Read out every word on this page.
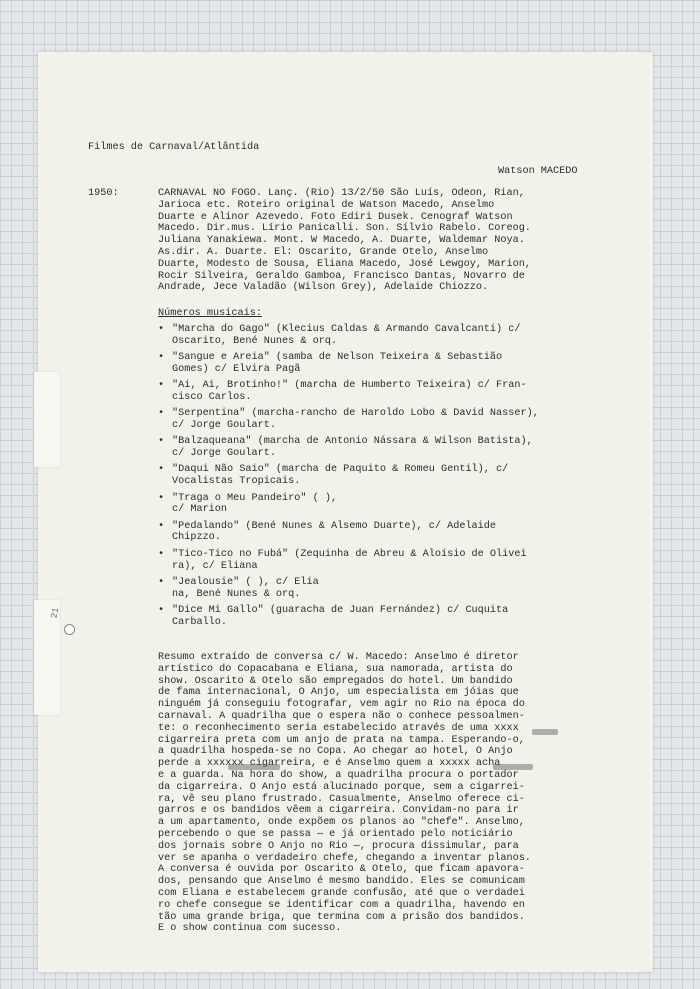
21
Filmes de Carnaval/Atlântida
Watson MACEDO
1950:	CARNAVAL NO FOGO. Lanç. (Rio) 13/2/50 São Luís, Odeon, Rian,
Jarioca etc. Roteiro original de Watson Macedo, Anselmo
Duarte e Alinor Azevedo. Foto Ediri Dusek. Cenograf Watson
Macedo. Dir.mus. Lírio Panicalli. Son. Sílvio Rabelo. Coreog.
Juliana Yanakiewa. Mont. W Macedo, A. Duarte, Waldemar Noya.
As.dir. A. Duarte. El: Oscarito, Grande Otelo, Anselmo
Duarte, Modesto de Sousa, Eliana Macedo, José Lewgoy, Marion,
Rocir Silveira, Geraldo Gamboa, Francisco Dantas, Novarro de
Andrade, Jece Valadão (Wilson Grey), Adelaide Chiozzo.
Números musicais:
• "Marcha do Gago" (Klecius Caldas & Armando Cavalcanti) c/
Oscarito, Bené Nunes & orq.
• "Sangue e Areia" (samba de Nelson Teixeira & Sebastião
Gomes) c/ Elvira Pagã
• "Ai, Ai, Brotinho!" (marcha de Humberto Teixeira) c/ Fran-
cisco Carlos.
• "Serpentina" (marcha-rancho de Haroldo Lobo & David Nasser),
c/ Jorge Goulart.
• "Balzaqueana" (marcha de Antonio Nássara & Wilson Batista),
c/ Jorge Goulart.
• "Daqui Não Saio" (marcha de Paquito & Romeu Gentil), c/
Vocalistas Tropicais.
• "Traga o Meu Pandeiro" ( ),
c/ Marion
• "Pedalando" (Bené Nunes & Alsemo Duarte), c/ Adelaide
Chipzzo.
• "Tico-Tico no Fubá" (Zequinha de Abreu & Aloísio de Olivei
ra), c/ Eliana
• "Jealousie" ( ), c/ Elia
na, Bené Nunes & orq.
• "Dice Mi Gallo" (guaracha de Juan Fernández) c/ Cuquita
Carballo.
Resumo extraído de conversa c/ W. Macedo: Anselmo é diretor
artístico do Copacabana e Eliana, sua namorada, artista do
show. Oscarito & Otelo são empregados do hotel. Um bandido
de fama internacional, O Anjo, um especialista em jóias que
ninguém já conseguiu fotografar, vem agir no Rio na época do
carnaval. A quadrilha que o espera não o conhece pessoalmen-
te: o reconhecimento seria estabelecido através de uma xxxx
cigarreira preta com um anjo de prata na tampa. Esperando-o,
a quadrilha hospeda-se no Copa. Ao chegar ao hotel, O Anjo
perde a xxxxxx cigarreira, e é Anselmo quem a xxxxx acha
e a guarda. Na hora do show, a quadrilha procura o portador
da cigarreira. O Anjo está alucinado porque, sem a cigarrei-
ra, vê seu plano frustrado. Casualmente, Anselmo oferece ci-
garros e os bandidos vêem a cigarreira. Convidam-no para ir
a um apartamento, onde expõem os planos ao "chefe". Anselmo,
percebendo o que se passa — e já orientado pelo noticiário
dos jornais sobre O Anjo no Rio —, procura dissimular, para
ver se apanha o verdadeiro chefe, chegando a inventar planos.
A conversa é ouvida por Oscarito & Otelo, que ficam apavora-
dos, pensando que Anselmo é mesmo bandido. Eles se comunicam
com Eliana e estabelecem grande confusão, até que o verdadei
ro chefe consegue se identificar com a quadrilha, havendo en
tão uma grande briga, que termina com a prisão dos bandidos.
E o show continua com sucesso.
